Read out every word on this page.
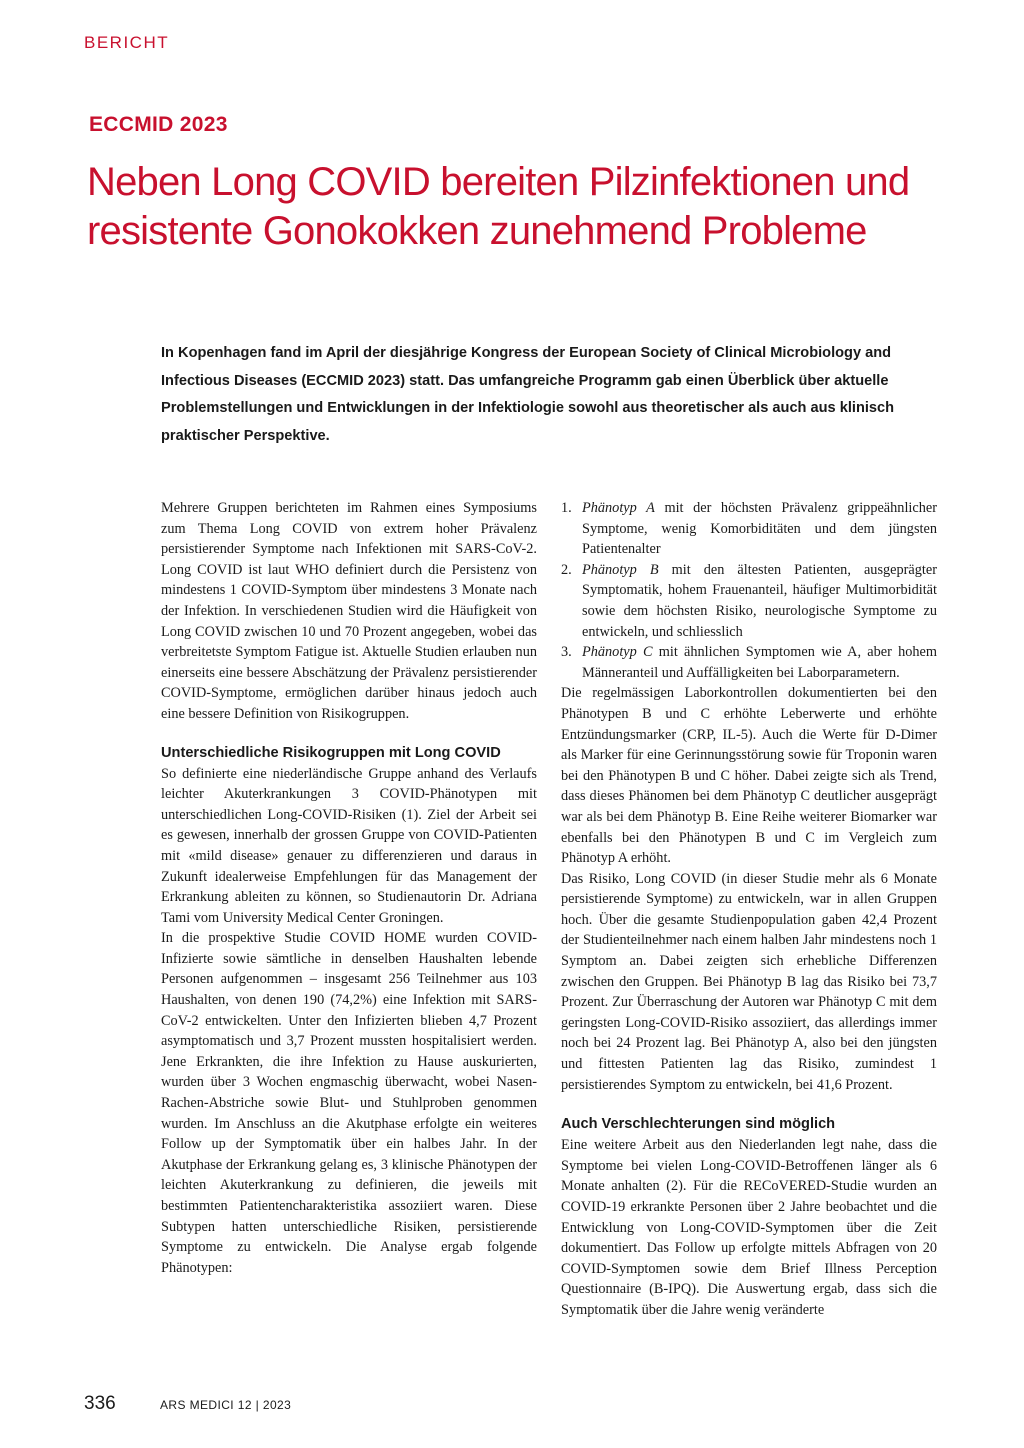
BERICHT
ECCMID 2023
Neben Long COVID bereiten Pilzinfektionen und resistente Gonokokken zunehmend Probleme

In Kopenhagen fand im April der diesjährige Kongress der European Society of Clinical Microbiology and Infectious Diseases (ECCMID 2023) statt. Das umfangreiche Programm gab einen Überblick über aktuelle Problemstellungen und Entwicklungen in der Infektiologie sowohl aus theoretischer als auch aus klinisch praktischer Perspektive.

Mehrere Gruppen berichteten im Rahmen eines Symposiums zum Thema Long COVID von extrem hoher Prävalenz persistierender Symptome nach Infektionen mit SARS-CoV-2. Long COVID ist laut WHO definiert durch die Persistenz von mindestens 1 COVID-Symptom über mindestens 3 Monate nach der Infektion. In verschiedenen Studien wird die Häufigkeit von Long COVID zwischen 10 und 70 Prozent angegeben, wobei das verbreitetste Symptom Fatigue ist. Aktuelle Studien erlauben nun einerseits eine bessere Abschätzung der Prävalenz persistierender COVID-Symptome, ermöglichen darüber hinaus jedoch auch eine bessere Definition von Risikogruppen.

Unterschiedliche Risikogruppen mit Long COVID

So definierte eine niederländische Gruppe anhand des Verlaufs leichter Akuterkrankungen 3 COVID-Phänotypen mit unterschiedlichen Long-COVID-Risiken (1). Ziel der Arbeit sei es gewesen, innerhalb der grossen Gruppe von COVID-Patienten mit «mild disease» genauer zu differenzieren und daraus in Zukunft idealerweise Empfehlungen für das Management der Erkrankung ableiten zu können, so Studienautorin Dr. Adriana Tami vom University Medical Center Groningen.

In die prospektive Studie COVID HOME wurden COVID-Infizierte sowie sämtliche in denselben Haushalten lebende Personen aufgenommen – insgesamt 256 Teilnehmer aus 103 Haushalten, von denen 190 (74,2%) eine Infektion mit SARS-CoV-2 entwickelten. Unter den Infizierten blieben 4,7 Prozent asymptomatisch und 3,7 Prozent mussten hospitalisiert werden. Jene Erkrankten, die ihre Infektion zu Hause auskurierten, wurden über 3 Wochen engmaschig überwacht, wobei Nasen-Rachen-Abstriche sowie Blut- und Stuhlproben genommen wurden. Im Anschluss an die Akutphase erfolgte ein weiteres Follow up der Symptomatik über ein halbes Jahr. In der Akutphase der Erkrankung gelang es, 3 klinische Phänotypen der leichten Akuterkrankung zu definieren, die jeweils mit bestimmten Patientencharakteristika assoziiert waren. Diese Subtypen hatten unterschiedliche Risiken, persistierende Symptome zu entwickeln. Die Analyse ergab folgende Phänotypen:

1. Phänotyp A mit der höchsten Prävalenz grippeähnlicher Symptome, wenig Komorbiditäten und dem jüngsten Patientenalter
2. Phänotyp B mit den ältesten Patienten, ausgeprägter Symptomatik, hohem Frauenanteil, häufiger Multimorbidität sowie dem höchsten Risiko, neurologische Symptome zu entwickeln, und schliesslich
3. Phänotyp C mit ähnlichen Symptomen wie A, aber hohem Männeranteil und Auffälligkeiten bei Laborparametern.

Die regelmässigen Laborkontrollen dokumentierten bei den Phänotypen B und C erhöhte Leberwerte und erhöhte Entzündungsmarker (CRP, IL-5). Auch die Werte für D-Dimer als Marker für eine Gerinnungsstörung sowie für Troponin waren bei den Phänotypen B und C höher. Dabei zeigte sich als Trend, dass dieses Phänomen bei dem Phänotyp C deutlicher ausgeprägt war als bei dem Phänotyp B. Eine Reihe weiterer Biomarker war ebenfalls bei den Phänotypen B und C im Vergleich zum Phänotyp A erhöht.

Das Risiko, Long COVID (in dieser Studie mehr als 6 Monate persistierende Symptome) zu entwickeln, war in allen Gruppen hoch. Über die gesamte Studienpopulation gaben 42,4 Prozent der Studienteilnehmer nach einem halben Jahr mindestens noch 1 Symptom an. Dabei zeigten sich erhebliche Differenzen zwischen den Gruppen. Bei Phänotyp B lag das Risiko bei 73,7 Prozent. Zur Überraschung der Autoren war Phänotyp C mit dem geringsten Long-COVID-Risiko assoziiert, das allerdings immer noch bei 24 Prozent lag. Bei Phänotyp A, also bei den jüngsten und fittesten Patienten lag das Risiko, zumindest 1 persistierendes Symptom zu entwickeln, bei 41,6 Prozent.

Auch Verschlechterungen sind möglich

Eine weitere Arbeit aus den Niederlanden legt nahe, dass die Symptome bei vielen Long-COVID-Betroffenen länger als 6 Monate anhalten (2). Für die RECoVERED-Studie wurden an COVID-19 erkrankte Personen über 2 Jahre beobachtet und die Entwicklung von Long-COVID-Symptomen über die Zeit dokumentiert. Das Follow up erfolgte mittels Abfragen von 20 COVID-Symptomen sowie dem Brief Illness Perception Questionnaire (B-IPQ). Die Auswertung ergab, dass sich die Symptomatik über die Jahre wenig veränderte

336	ARS MEDICI 12 | 2023
